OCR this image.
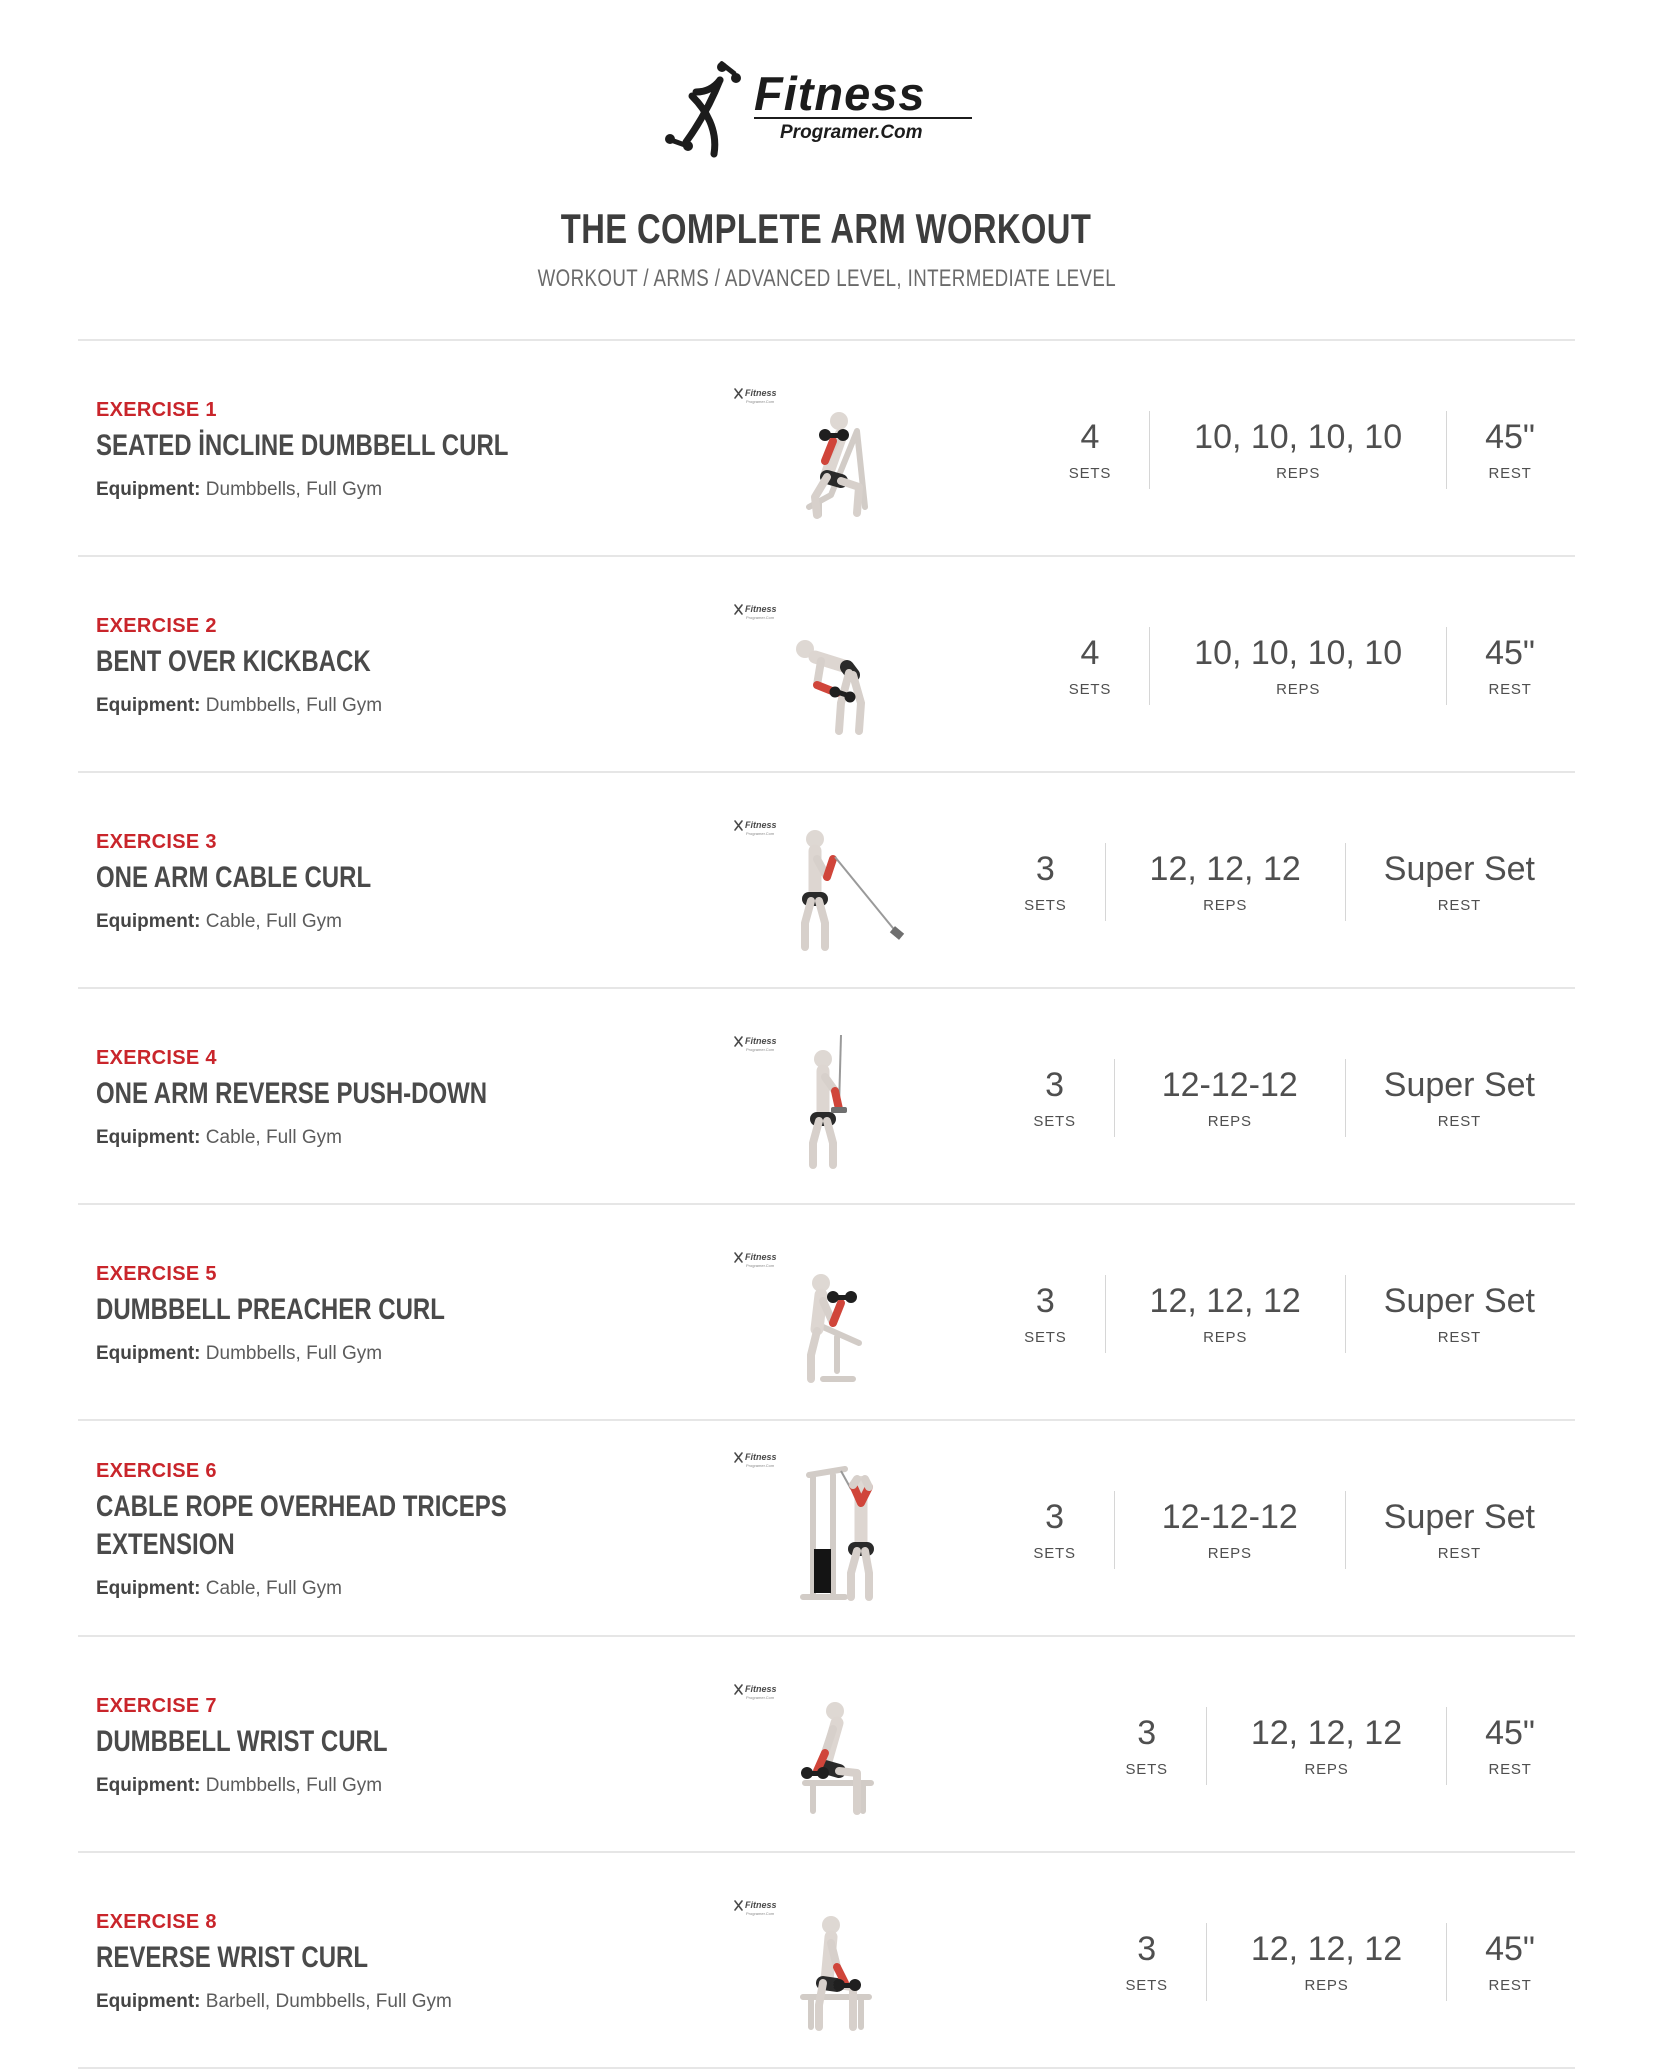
Fitness
Programer.Com
THE COMPLETE ARM WORKOUT
WORKOUT / ARMS / ADVANCED LEVEL, INTERMEDIATE LEVEL
EXERCISE 1
SEATED İNCLINE DUMBBELL CURL
Equipment: Dumbbells, Full Gym
Fitness
Programer.Com
4
SETS
10, 10, 10, 10
REPS
45"
REST
EXERCISE 2
BENT OVER KICKBACK
Equipment: Dumbbells, Full Gym
Fitness
Programer.Com
4
SETS
10, 10, 10, 10
REPS
45"
REST
EXERCISE 3
ONE ARM CABLE CURL
Equipment: Cable, Full Gym
Fitness
Programer.Com
3
SETS
12, 12, 12
REPS
Super Set
REST
EXERCISE 4
ONE ARM REVERSE PUSH-DOWN
Equipment: Cable, Full Gym
Fitness
Programer.Com
3
SETS
12-12-12
REPS
Super Set
REST
EXERCISE 5
DUMBBELL PREACHER CURL
Equipment: Dumbbells, Full Gym
Fitness
Programer.Com
3
SETS
12, 12, 12
REPS
Super Set
REST
EXERCISE 6
CABLE ROPE OVERHEAD TRICEPS EXTENSION
Equipment: Cable, Full Gym
Fitness
Programer.Com
3
SETS
12-12-12
REPS
Super Set
REST
EXERCISE 7
DUMBBELL WRIST CURL
Equipment: Dumbbells, Full Gym
Fitness
Programer.Com
3
SETS
12, 12, 12
REPS
45"
REST
EXERCISE 8
REVERSE WRIST CURL
Equipment: Barbell, Dumbbells, Full Gym
Fitness
Programer.Com
3
SETS
12, 12, 12
REPS
45"
REST
